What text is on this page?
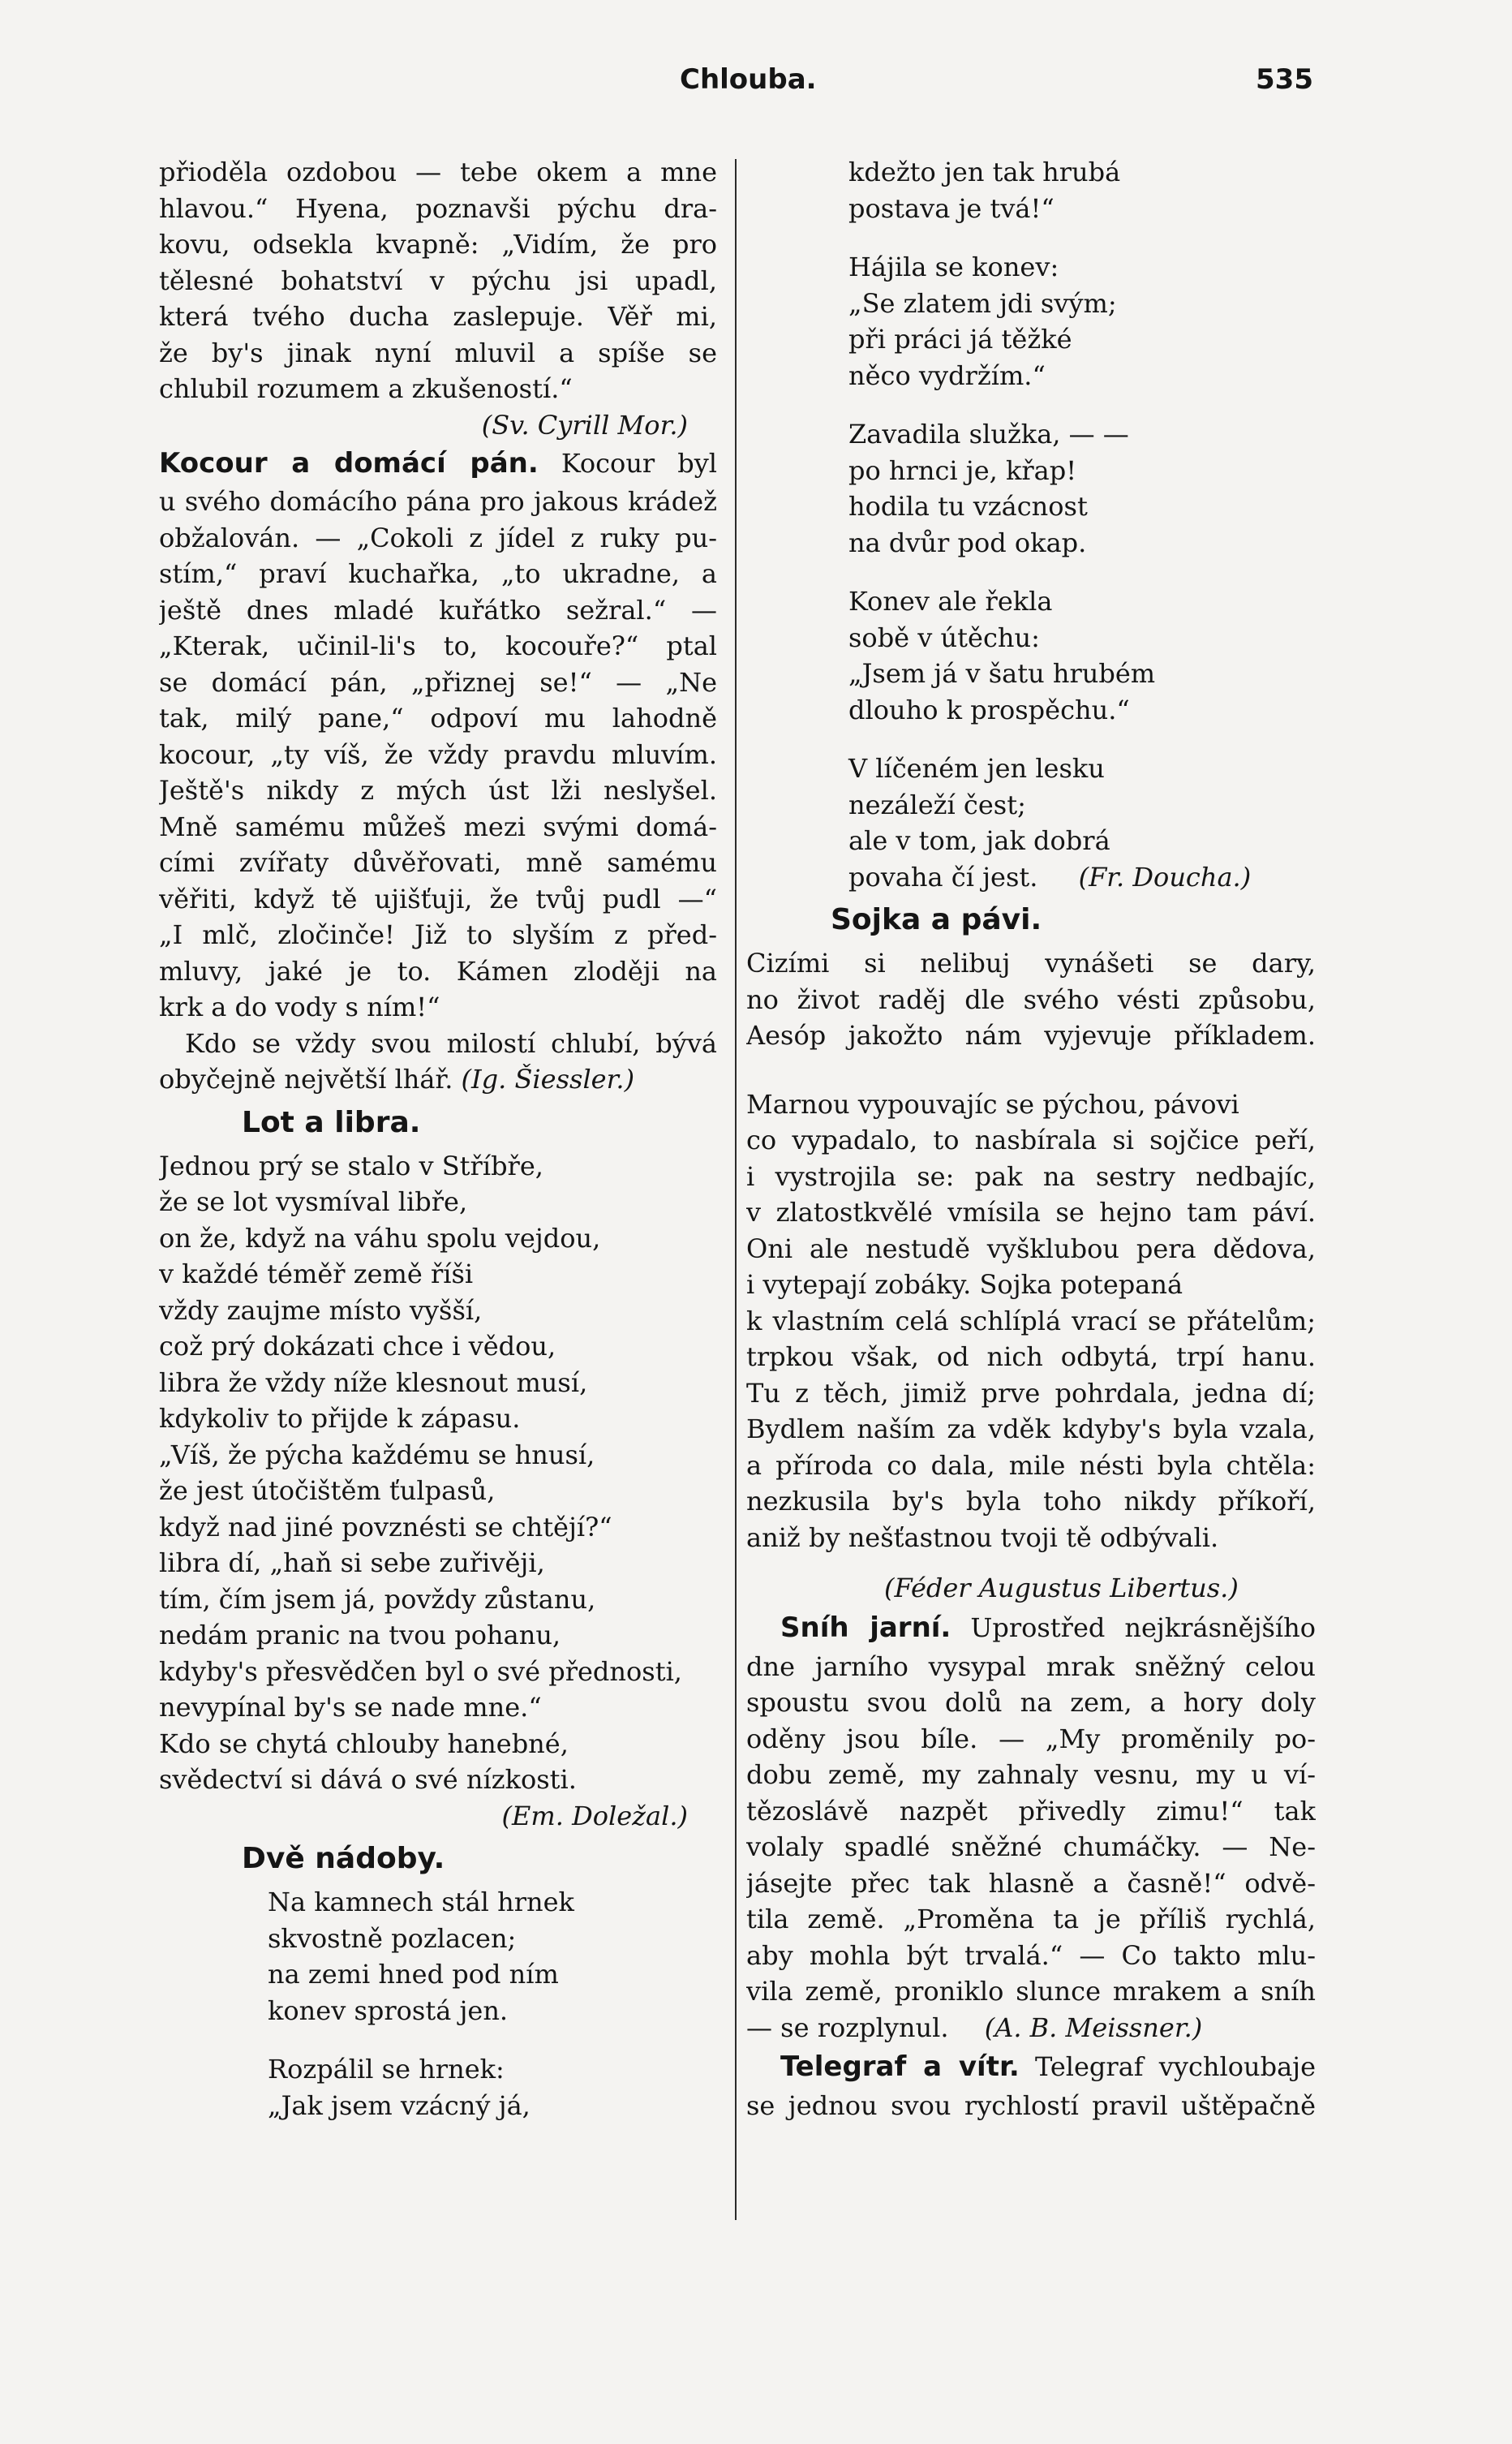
Chlouba.	535
přioděla ozdobou — tebe okem a mne
hlavou.“ Hyena, poznavši pýchu dra-
kovu, odsekla kvapně: „Vidím, že pro
tělesné bohatství v pýchu jsi upadl,
která tvého ducha zaslepuje. Věř mi,
že by's jinak nyní mluvil a spíše se
chlubil rozumem a zkušeností.“
(Sv. Cyrill Mor.)
Kocour a domácí pán. Kocour byl
u svého domácího pána pro jakous krádež
obžalován. — „Cokoli z jídel z ruky pu-
stím,“ praví kuchařka, „to ukradne, a
ještě dnes mladé kuřátko sežral.“ —
„Kterak, učinil-li's to, kocouře?“ ptal
se domácí pán, „přiznej se!“ — „Ne
tak, milý pane,“ odpoví mu lahodně
kocour, „ty víš, že vždy pravdu mluvím.
Ještě's nikdy z mých úst lži neslyšel.
Mně samému můžeš mezi svými domá-
cími zvířaty důvěřovati, mně samému
věřiti, když tě ujišťuji, že tvůj pudl —“
„I mlč, zločinče! Již to slyším z před-
mluvy, jaké je to. Kámen zloději na
krk a do vody s ním!“
Kdo se vždy svou milostí chlubí, bývá
obyčejně největší lhář. (Ig. Šiessler.)
Lot a libra.
Jednou prý se stalo v Stříbře,
že se lot vysmíval libře,
on že, když na váhu spolu vejdou,
v každé téměř země říši
vždy zaujme místo vyšší,
což prý dokázati chce i vědou,
libra že vždy níže klesnout musí,
kdykoliv to přijde k zápasu.
„Víš, že pýcha každému se hnusí,
že jest útočištěm ťulpasů,
když nad jiné povznésti se chtějí?“
libra dí, „haň si sebe zuřivěji,
tím, čím jsem já, povždy zůstanu,
nedám pranic na tvou pohanu,
kdyby's přesvědčen byl o své přednosti,
nevypínal by's se nade mne.“
Kdo se chytá chlouby hanebné,
svědectví si dává o své nízkosti.
(Em. Doležal.)
Dvě nádoby.
Na kamnech stál hrnek
skvostně pozlacen;
na zemi hned pod ním
konev sprostá jen.
Rozpálil se hrnek:
„Jak jsem vzácný já,
kdežto jen tak hrubá
postava je tvá!“
Hájila se konev:
„Se zlatem jdi svým;
při práci já těžké
něco vydržím.“
Zavadila služka, — —
po hrnci je, křap!
hodila tu vzácnost
na dvůr pod okap.
Konev ale řekla
sobě v útěchu:
„Jsem já v šatu hrubém
dlouho k prospěchu.“
V líčeném jen lesku
nezáleží čest;
ale v tom, jak dobrá
povaha čí jest. (Fr. Doucha.)
Sojka a pávi.
Cizími si nelibuj vynášeti se dary,
no život raděj dle svého vésti způsobu,
Aesóp jakožto nám vyjevuje příkladem.
Marnou vypouvajíc se pýchou, pávovi
co vypadalo, to nasbírala si sojčice peří,
i vystrojila se: pak na sestry nedbajíc,
v zlatostkvělé vmísila se hejno tam páví.
Oni ale nestudě vyšklubou pera dědova,
i vytepají zobáky. Sojka potepaná
k vlastním celá schlíplá vrací se přátelům;
trpkou však, od nich odbytá, trpí hanu.
Tu z těch, jimiž prve pohrdala, jedna dí;
Bydlem naším za vděk kdyby's byla vzala,
a příroda co dala, mile nésti byla chtěla:
nezkusila by's byla toho nikdy příkoří,
aniž by nešťastnou tvoji tě odbývali.
(Féder Augustus Libertus.)
Sníh jarní. Uprostřed nejkrásnějšího
dne jarního vysypal mrak sněžný celou
spoustu svou dolů na zem, a hory doly
oděny jsou bíle. — „My proměnily po-
dobu země, my zahnaly vesnu, my u ví-
tězoslávě nazpět přivedly zimu!“ tak
volaly spadlé sněžné chumáčky. — Ne-
jásejte přec tak hlasně a časně!“ odvě-
tila země. „Proměna ta je příliš rychlá,
aby mohla být trvalá.“ — Co takto mlu-
vila země, proniklo slunce mrakem a sníh
— se rozplynul. (A. B. Meissner.)
Telegraf a vítr. Telegraf vychloubaje
se jednou svou rychlostí pravil uštěpačně
